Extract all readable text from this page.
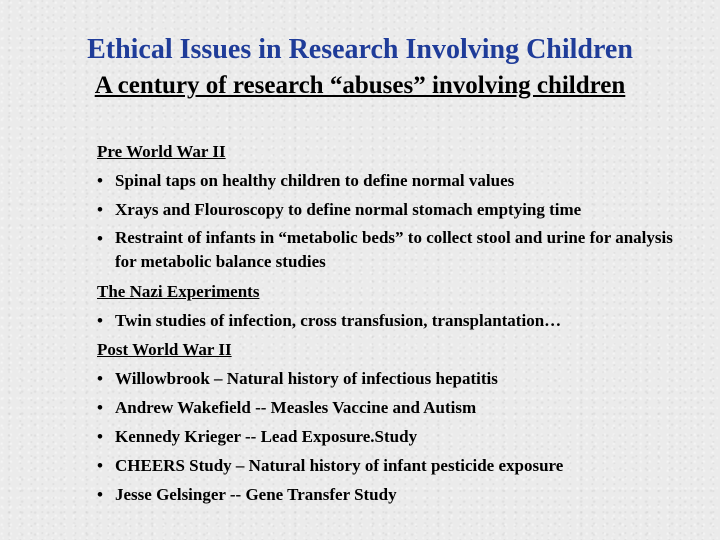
Ethical Issues in Research Involving Children
A century of research “abuses” involving children
Pre World War II
• Spinal taps on healthy children to define normal values
• Xrays and Flouroscopy to define normal stomach emptying time
• Restraint of infants in “metabolic beds” to collect stool and urine for analysis for metabolic balance studies
The Nazi Experiments
• Twin studies of infection, cross transfusion, transplantation…
Post World War II
• Willowbrook – Natural history of infectious hepatitis
• Andrew Wakefield -- Measles Vaccine and Autism
• Kennedy Krieger -- Lead Exposure.Study
• CHEERS Study – Natural history of infant pesticide exposure
• Jesse Gelsinger -- Gene Transfer Study
